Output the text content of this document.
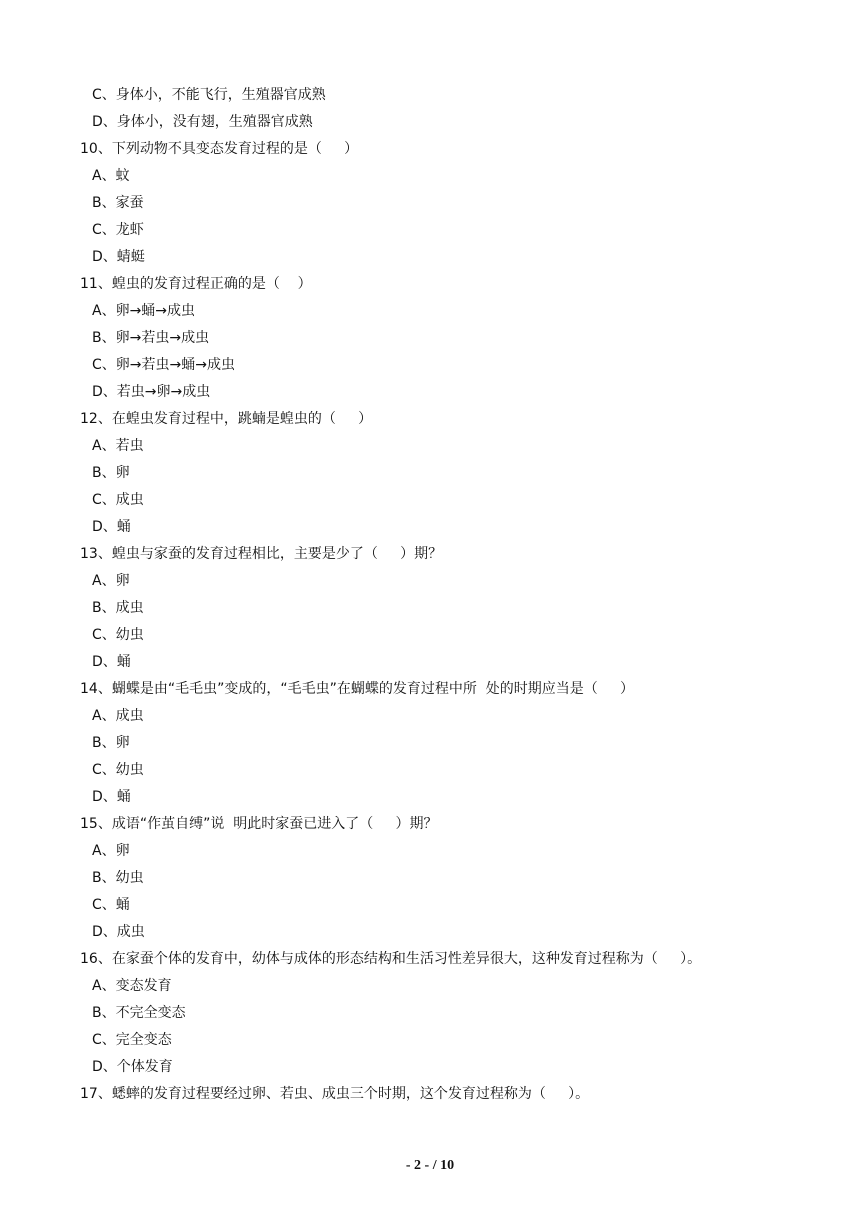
C、身体小，不能飞行，生殖器官成熟
D、身体小，没有翅，生殖器官成熟
10、下列动物不具变态发育过程的是（     ）
A、蚊
B、家蚕
C、龙虾
D、蜻蜓
11、蝗虫的发育过程正确的是（    ）
A、卵→蛹→成虫
B、卵→若虫→成虫
C、卵→若虫→蛹→成虫
D、若虫→卵→成虫
12、在蝗虫发育过程中，跳蝻是蝗虫的（     ）
A、若虫
B、卵
C、成虫
D、蛹
13、蝗虫与家蚕的发育过程相比，主要是少了（     ）期？
A、卵
B、成虫
C、幼虫
D、蛹
14、蝴蝶是由“毛毛虫”变成的，“毛毛虫”在蝴蝶的发育过程中所  处的时期应当是（     ）
A、成虫
B、卵
C、幼虫
D、蛹
15、成语“作茧自缚”说  明此时家蚕已进入了（     ）期？
A、卵
B、幼虫
C、蛹
D、成虫
16、在家蚕个体的发育中，幼体与成体的形态结构和生活习性差异很大，这种发育过程称为（     ）。
A、变态发育
B、不完全变态
C、完全变态
D、个体发育
17、蟋蟀的发育过程要经过卵、若虫、成虫三个时期，这个发育过程称为（     ）。
- 2 - / 10
